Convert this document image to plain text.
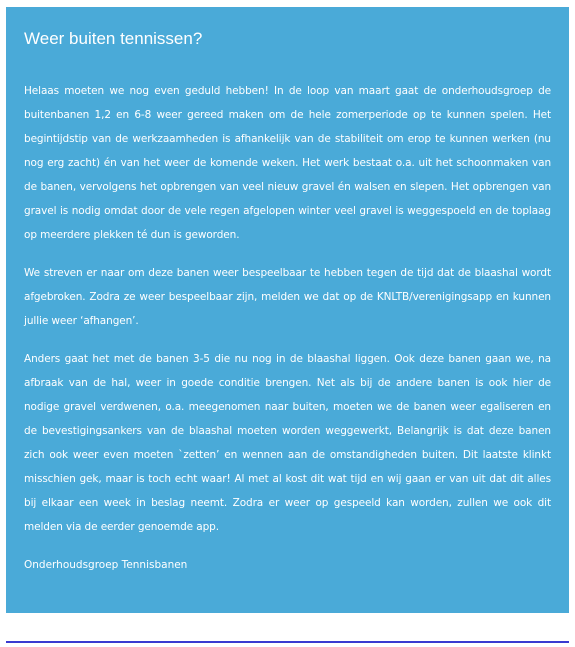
Weer buiten tennissen?

Helaas moeten we nog even geduld hebben! In de loop van maart gaat de onderhoudsgroep de buitenbanen 1,2 en 6-8 weer gereed maken om de hele zomerperiode op te kunnen spelen. Het begintijdstip van de werkzaamheden is afhankelijk van de stabiliteit om erop te kunnen werken (nu nog erg zacht) én van het weer de komende weken. Het werk bestaat o.a. uit het schoonmaken van de banen, vervolgens het opbrengen van veel nieuw gravel én walsen en slepen. Het opbrengen van gravel is nodig omdat door de vele regen afgelopen winter veel gravel is weggespoeld en de toplaag op meerdere plekken té dun is geworden.

We streven er naar om deze banen weer bespeelbaar te hebben tegen de tijd dat de blaashal wordt afgebroken. Zodra ze weer bespeelbaar zijn, melden we dat op de KNLTB/verenigingsapp en kunnen jullie weer ‘afhangen’.

Anders gaat het met de banen 3-5 die nu nog in de blaashal liggen. Ook deze banen gaan we, na afbraak van de hal, weer in goede conditie brengen. Net als bij de andere banen is ook hier de nodige gravel verdwenen, o.a. meegenomen naar buiten, moeten we de banen weer egaliseren en de bevestigingsankers van de blaashal moeten worden weggewerkt, Belangrijk is dat deze banen zich ook weer even moeten `zetten’ en wennen aan de omstandigheden buiten. Dit laatste klinkt misschien gek, maar is toch echt waar! Al met al kost dit wat tijd en wij gaan er van uit dat dit alles bij elkaar een week in beslag neemt. Zodra er weer op gespeeld kan worden, zullen we ook dit melden via de eerder genoemde app.

Onderhoudsgroep Tennisbanen
